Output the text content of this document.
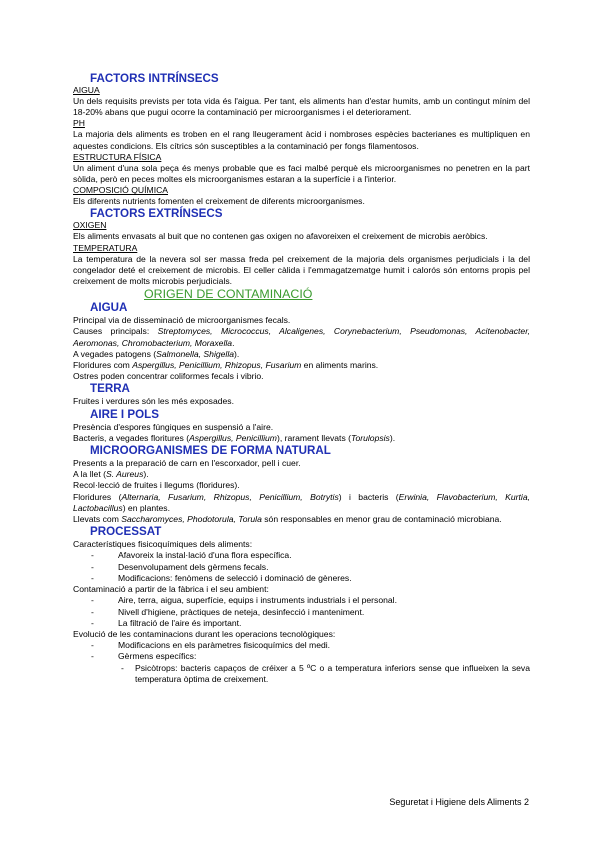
FACTORS INTRÍNSECS
AIGUA
Un dels requisits prevists per tota vida és l'aigua. Per tant, els aliments han d'estar humits, amb un contingut mínim del 18-20% abans que pugui ocorre la contaminació per microorganismes i el deteriorament.
PH
La majoria dels aliments es troben en el rang lleugerament àcid i nombroses espècies bacterianes es multipliquen en aquestes condicions. Els cítrics són susceptibles a la contaminació per fongs filamentosos.
ESTRUCTURA FÍSICA
Un aliment d'una sola peça és menys probable que es faci malbé perquè els microorganismes no penetren en la part sòlida, però en peces moltes els microorganismes estaran a la superfície i a l'interior.
COMPOSICIÓ QUÍMICA
Els diferents nutrients fomenten el creixement de diferents microorganismes.
FACTORS EXTRÍNSECS
OXIGEN
Els aliments envasats al buit que no contenen gas oxigen no afavoreixen el creixement de microbis aeròbics.
TEMPERATURA
La temperatura de la nevera sol ser massa freda pel creixement de la majoria dels organismes perjudicials i la del congelador deté el creixement de microbis. El celler càlida i l'emmagatzematge humit i calorós són entorns propis pel creixement de molts microbis perjudicials.
ORIGEN DE CONTAMINACIÓ
AIGUA
Principal via de disseminació de microorganismes fecals.
Causes principals: Streptomyces, Micrococcus, Alcaligenes, Corynebacterium, Pseudomonas, Acitenobacter, Aeromonas, Chromobacterium, Moraxella.
A vegades patogens (Salmonella, Shigella).
Floridures com Aspergillus, Penicillium, Rhizopus, Fusarium en aliments marins.
Ostres poden concentrar coliformes fecals i vibrio.
TERRA
Fruites i verdures són les més exposades.
AIRE I POLS
Presència d'espores fúngiques en suspensió a l'aire.
Bacteris, a vegades floritures (Aspergillus, Penicillium), rarament llevats (Torulopsis).
MICROORGANISMES DE FORMA NATURAL
Presents a la preparació de carn en l'escorxador, pell i cuer.
A la llet (S. Aureus).
Recol·lecció de fruites i llegums (floridures).
Floridures (Alternaria, Fusarium, Rhizopus, Penicillium, Botrytis) i bacteris (Erwinia, Flavobacterium, Kurtia, Lactobacillus) en plantes.
Llevats com Saccharomyces, Phodotorula, Torula són responsables en menor grau de contaminació microbiana.
PROCESSAT
Característiques fisicoquímiques dels aliments:
-	Afavoreix la instal·lació d'una flora específica.
-	Desenvolupament dels gèrmens fecals.
-	Modificacions: fenòmens de selecció i dominació de gèneres.
Contaminació a partir de la fàbrica i el seu ambient:
-	Aire, terra, aigua, superfície, equips i instruments industrials i el personal.
-	Nivell d'higiene, pràctiques de neteja, desinfecció i manteniment.
-	La filtració de l'aire és important.
Evolució de les contaminacions durant les operacions tecnològiques:
-	Modificacions en els paràmetres fisicoquímics del medi.
-	Gèrmens específics:
-	Psicòtrops: bacteris capaços de créixer a 5 ºC o a temperatura inferiors sense que influeixen la seva temperatura òptima de creixement.
Seguretat i Higiene dels Aliments 2
